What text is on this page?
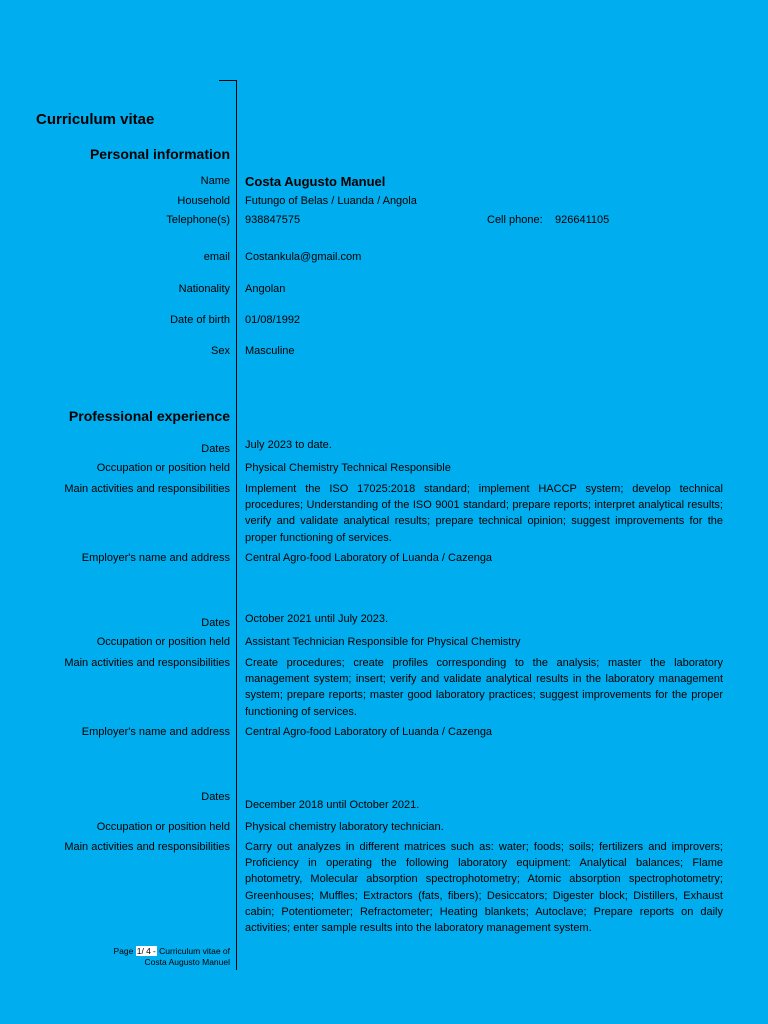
Curriculum vitae
Personal information
Name Costa Augusto Manuel
Household Futungo of Belas / Luanda / Angola
Telephone(s) 938847575	Cell phone: 926641105
email Costankula@gmail.com
Nationality Angolan
Date of birth 01/08/1992
Sex Masculine
Professional experience
Dates July 2023 to date.
Occupation or position held Physical Chemistry Technical Responsible
Main activities and responsibilities Implement the ISO 17025:2018 standard; implement HACCP system; develop technical procedures; Understanding of the ISO 9001 standard; prepare reports; interpret analytical results; verify and validate analytical results; prepare technical opinion; suggest improvements for the proper functioning of services.
Employer's name and address Central Agro-food Laboratory of Luanda / Cazenga
Dates October 2021 until July 2023.
Occupation or position held Assistant Technician Responsible for Physical Chemistry
Main activities and responsibilities Create procedures; create profiles corresponding to the analysis; master the laboratory management system; insert; verify and validate analytical results in the laboratory management system; prepare reports; master good laboratory practices; suggest improvements for the proper functioning of services.
Employer's name and address Central Agro-food Laboratory of Luanda / Cazenga
Dates
December 2018 until October 2021.
Occupation or position held Physical chemistry laboratory technician.
Main activities and responsibilities Carry out analyzes in different matrices such as: water; foods; soils; fertilizers and improvers; Proficiency in operating the following laboratory equipment: Analytical balances; Flame photometry, Molecular absorption spectrophotometry; Atomic absorption spectrophotometry; Greenhouses; Muffles; Extractors (fats, fibers); Desiccators; Digester block; Distillers, Exhaust cabin; Potentiometer; Refractometer; Heating blankets; Autoclave; Prepare reports on daily activities; enter sample results into the laboratory management system.
Page 1/ 4 - Curriculum vitae of
Costa Augusto Manuel
